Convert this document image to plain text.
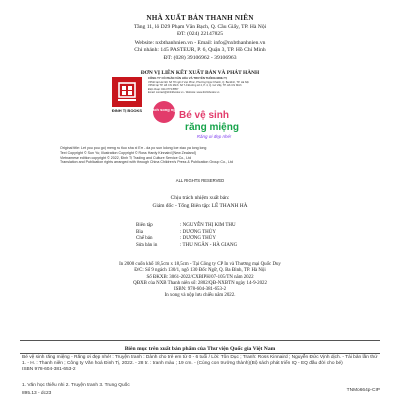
NHÀ XUẤT BẢN THANH NIÊN
Tầng 11, lô D29 Phạm Văn Bạch, Q. Cầu Giấy, TP. Hà Nội
ĐT: (024) 22147825
Website: nxbthanhnien.vn - Email: info@nxbthanhnien.vn
Chi nhánh: 145 PASTEUR, P. 6, Quận 3, TP. Hồ Chí Minh
ĐT: (028) 39106962 - 39106963
ĐƠN VỊ LIÊN KẾT XUẤT BẢN VÀ PHÁT HÀNH
ĐINH TỊ BOOKS
CÔNG TY CỔ PHẦN VĂN HÓA VÀ TRUYỀN THÔNG ĐINH TỊ
VPGD tại Hà Nội: Số 78 ngõ 2 Vạn Phúc, Phường Ngọc Khánh, Q. Ba Đình, TP. Hà Nội
VPGD tại TP. Hồ Chí Minh: Số 7-9 Đường số 4, P. 4, Q. Gò Vấp, TP. Hồ Chí Minh
Điện thoại: 024.3773 8857
Email: contact@dinhtibooks.vn - Website: www.dinhtibooks.vn
Sách song ngữ
Bé vệ sinh
răng miệng
Răng ơi đẹp nhé!
Original title: Let you pou go) meng ru tluo sha xi Err - da po sun lolong loe xiao ya long long
Text Copyright © Sun Yu; Illustration Copyright © Ross Hardy Kinnaird [New Zealand]
Vietnamese edition copyright © 2022, Đinh Tị Trading and Culture Service Co., Ltd
Translation and Publication rights arranged with through China Children's Press & Publication Group Co., Ltd
ALL RIGHTS RESERVED
Chịu trách nhiệm xuất bản:
Giám đốc - Tổng Biên tập: LÊ THANH HÀ
Biên tập	: NGUYỄN THỊ KIM THU
Bìa	: DƯƠNG THỦY
Chế bản	: DƯƠNG THỦY
Sửa bản in	: THU NGÂN - HÀ GIANG
In 2000 cuốn khổ 18,5cm x 18,5cm - Tại Công ty CP In và Thương mại Quốc Duy
Đ/C: Số 9 ngách 130/1, ngõ 130 Đốc Ngữ, Q. Ba Đình, TP. Hà Nội
Số ĐKXB: 3061-2022/CXBIPH/07-105/TN năm 2022
QĐXB của NXB Thanh niên số: 2802/QĐ-NXBTN ngày 14-9-2022
ISBN: 978-604-381-653-2
In xong và nộp lưu chiểu năm 2022.
Biên mục trên xuất bản phẩm của Thư viện Quốc gia Việt Nam
Bé vệ sinh răng miệng - Răng ơi đẹp nhé! : Truyện tranh : Dành cho trẻ em từ 0 - 6 tuổi / Lời: Tôn Dục ; Tranh: Ross Kinnaird ; Nguyễn Đức Vịnh dịch. - Tái bản lần thứ 1. - H. : Thanh niên ; Công ty Văn hoá Đinh Tị, 2022. - 28 tr. : tranh màu ; 19 cm. - (Cùng con trưởng thành)(Bộ sách phát triển IQ - EQ đầu đời cho bé)
ISBN 978-604-381-653-2
1. Văn học thiếu nhi 2. Truyện tranh 3. Trung Quốc
895.13 - dc23
TNMo664p-CIP
